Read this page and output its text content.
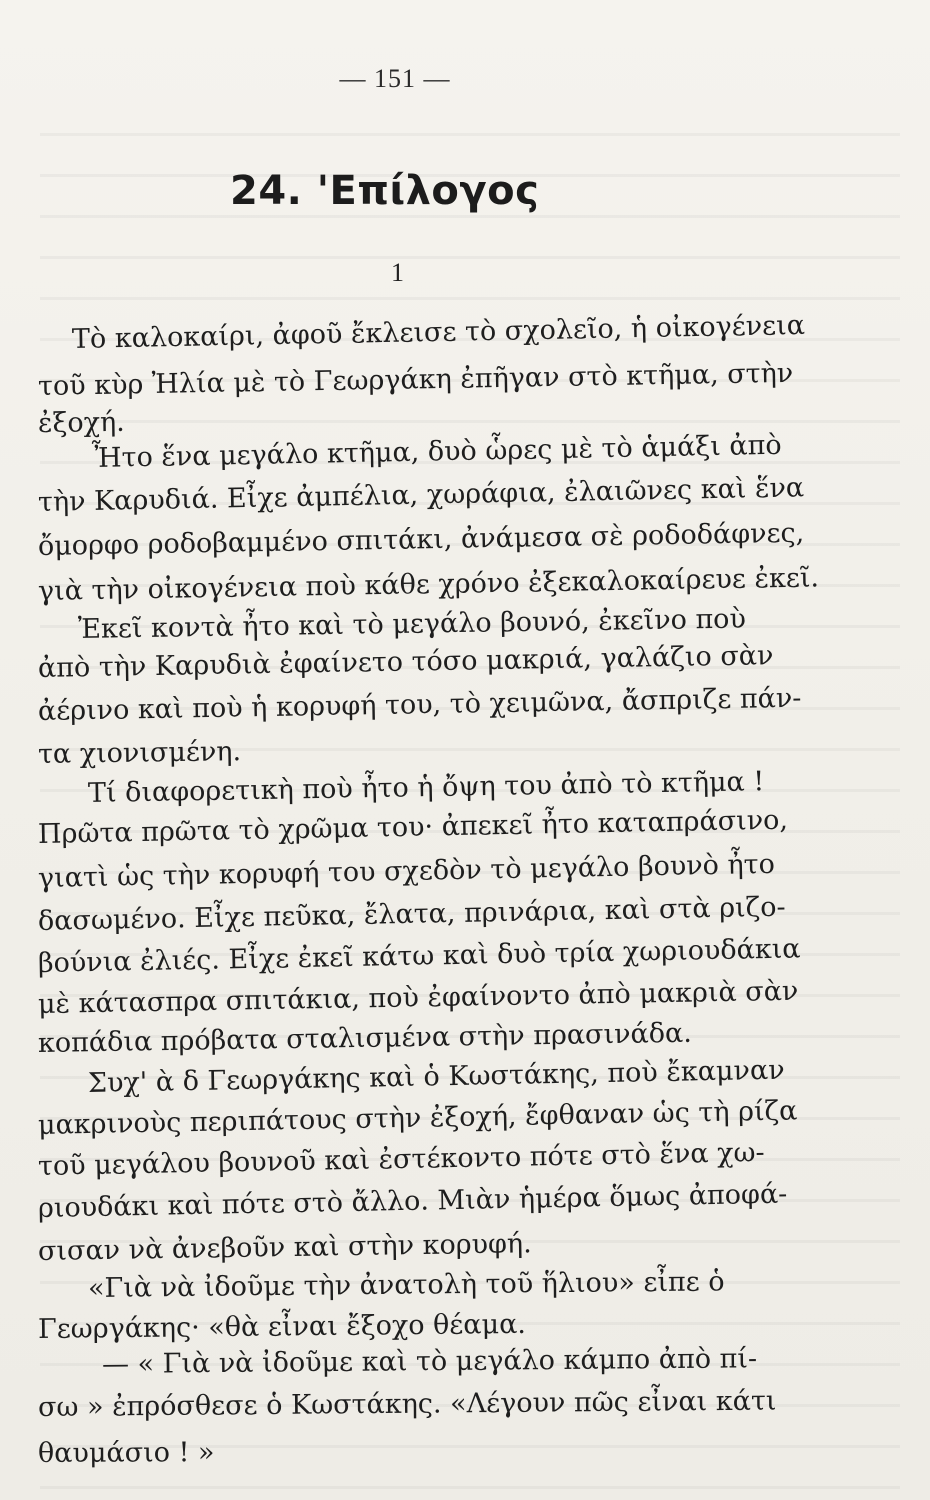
— 151 —
24. 'Επίλογος
1
Τὸ καλοκαίρι, ἀφοῦ ἔκλεισε τὸ σχολεῖο, ἡ οἰκογένεια
τοῦ κὺρ Ἠλία μὲ τὸ Γεωργάκη ἐπῆγαν στὸ κτῆμα, στὴν
ἐξοχή.
Ἦτο ἕνα μεγάλο κτῆμα, δυὸ ὧρες μὲ τὸ ἁμάξι ἀπὸ
τὴν Καρυδιά. Εἶχε ἀμπέλια, χωράφια, ἐλαιῶνες καὶ ἕνα
ὄμορφο ροδοβαμμένο σπιτάκι, ἀνάμεσα σὲ ροδοδάφνες,
γιὰ τὴν οἰκογένεια ποὺ κάθε χρόνο ἐξεκαλοκαίρευε ἐκεῖ.
Ἐκεῖ κοντὰ ἦτο καὶ τὸ μεγάλο βουνό, ἐκεῖνο ποὺ
ἀπὸ τὴν Καρυδιὰ ἐφαίνετο τόσο μακριά, γαλάζιο σὰν
ἀέρινο καὶ ποὺ ἡ κορυφή του, τὸ χειμῶνα, ἄσπριζε πάν-
τα χιονισμένη.
Τί διαφορετικὴ ποὺ ἦτο ἡ ὄψη του ἀπὸ τὸ κτῆμα !
Πρῶτα πρῶτα τὸ χρῶμα του· ἀπεκεῖ ἦτο καταπράσινο,
γιατὶ ὡς τὴν κορυφή του σχεδὸν τὸ μεγάλο βουνὸ ἦτο
δασωμένο. Εἶχε πεῦκα, ἔλατα, πρινάρια, καὶ στὰ ριζο-
βούνια ἐλιές. Εἶχε ἐκεῖ κάτω καὶ δυὸ τρία χωριουδάκια
μὲ κάτασπρα σπιτάκια, ποὺ ἐφαίνοντο ἀπὸ μακριὰ σὰν
κοπάδια πρόβατα σταλισμένα στὴν πρασινάδα.
Συχ' ὰ δ Γεωργάκης καὶ ὁ Κωστάκης, ποὺ ἔκαμναν
μακρινοὺς περιπάτους στὴν ἐξοχή, ἔφθαναν ὡς τὴ ρίζα
τοῦ μεγάλου βουνοῦ καὶ ἐστέκοντο πότε στὸ ἕνα χω-
ριουδάκι καὶ πότε στὸ ἄλλο. Μιὰν ἡμέρα ὅμως ἀποφά-
σισαν νὰ ἀνεβοῦν καὶ στὴν κορυφή.
«Γιὰ νὰ ἰδοῦμε τὴν ἀνατολὴ τοῦ ἥλιου» εἶπε ὁ
Γεωργάκης· «θὰ εἶναι ἔξοχο θέαμα.
— « Γιὰ νὰ ἰδοῦμε καὶ τὸ μεγάλο κάμπο ἀπὸ πί-
σω » ἐπρόσθεσε ὁ Κωστάκης. «Λέγουν πῶς εἶναι κάτι
θαυμάσιο ! »
